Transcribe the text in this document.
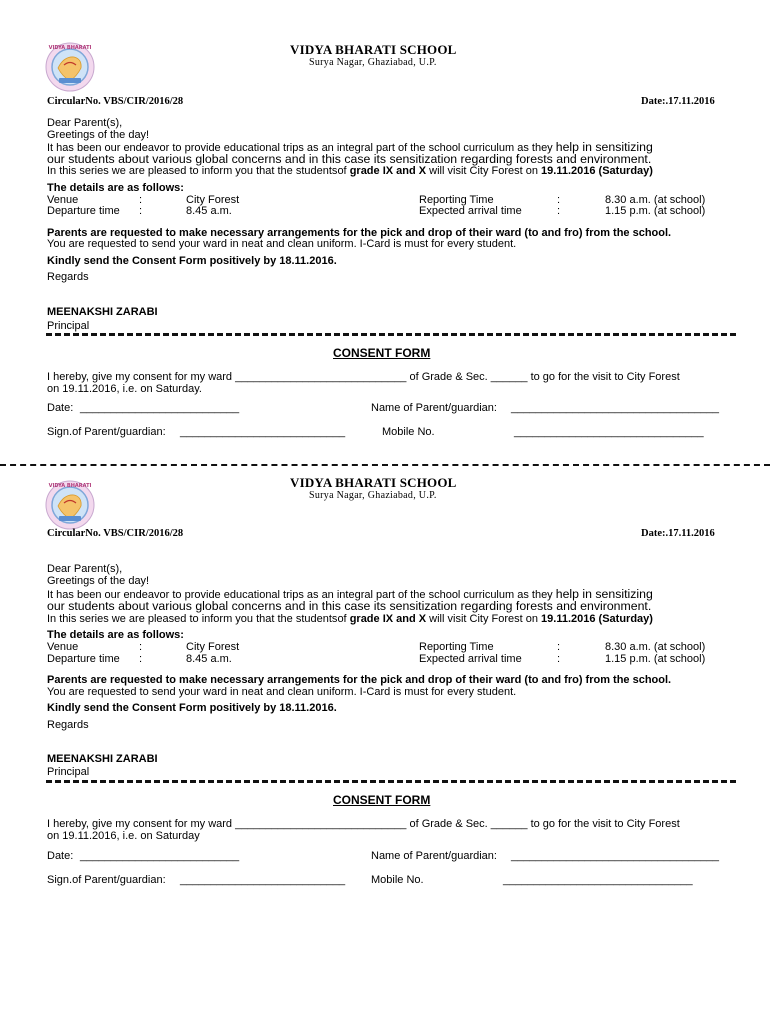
VIDYA BHARATI SCHOOL
Surya Nagar, Ghaziabad, U.P.
CircularNo. VBS/CIR/2016/28	Date:.17.11.2016
Dear Parent(s),
Greetings of the day!
It has been our endeavor to provide educational trips as an integral part of the school curriculum as they help in sensitizing
our students about various global concerns and in this case its sensitization regarding forests and environment.
In this series we are pleased to inform you that the studentsof grade IX and X will visit City Forest on 19.11.2016 (Saturday)
The details are as follows:
Venue	:	City Forest	Reporting Time	:	8.30 a.m. (at school)
Departure time :	8.45 a.m.	Expected arrival time	:	1.15 p.m. (at school)
Parents are requested to make necessary arrangements for the pick and drop of their ward (to and fro) from the school.
You are requested to send your ward in neat and clean uniform. I-Card is must for every student.
Kindly send the Consent Form positively by 18.11.2016.
Regards
MEENAKSHI ZARABI
Principal
CONSENT FORM
I hereby, give my consent for my ward ____________________________ of Grade & Sec. ______ to go for the visit to City Forest
on 19.11.2016, i.e. on Saturday.
Date: __________________________	Name of Parent/guardian: __________________________________
Sign.of Parent/guardian: ___________________________	Mobile No.	_______________________________
VIDYA BHARATI SCHOOL
Surya Nagar, Ghaziabad, U.P.
CircularNo. VBS/CIR/2016/28	Date:.17.11.2016
Dear Parent(s),
Greetings of the day!
It has been our endeavor to provide educational trips as an integral part of the school curriculum as they help in sensitizing
our students about various global concerns and in this case its sensitization regarding forests and environment.
In this series we are pleased to inform you that the studentsof grade IX and X will visit City Forest on 19.11.2016 (Saturday)
The details are as follows:
Venue	:	City Forest	Reporting Time	:	8.30 a.m. (at school)
Departure time :	8.45 a.m.	Expected arrival time	:	1.15 p.m. (at school)
Parents are requested to make necessary arrangements for the pick and drop of their ward (to and fro) from the school.
You are requested to send your ward in neat and clean uniform. I-Card is must for every student.
Kindly send the Consent Form positively by 18.11.2016.
Regards
MEENAKSHI ZARABI
Principal
CONSENT FORM
I hereby, give my consent for my ward ____________________________ of Grade & Sec. ______ to go for the visit to City Forest
on 19.11.2016, i.e. on Saturday
Date: __________________________	Name of Parent/guardian: __________________________________
Sign.of Parent/guardian: ___________________________ Mobile No.	_______________________________
